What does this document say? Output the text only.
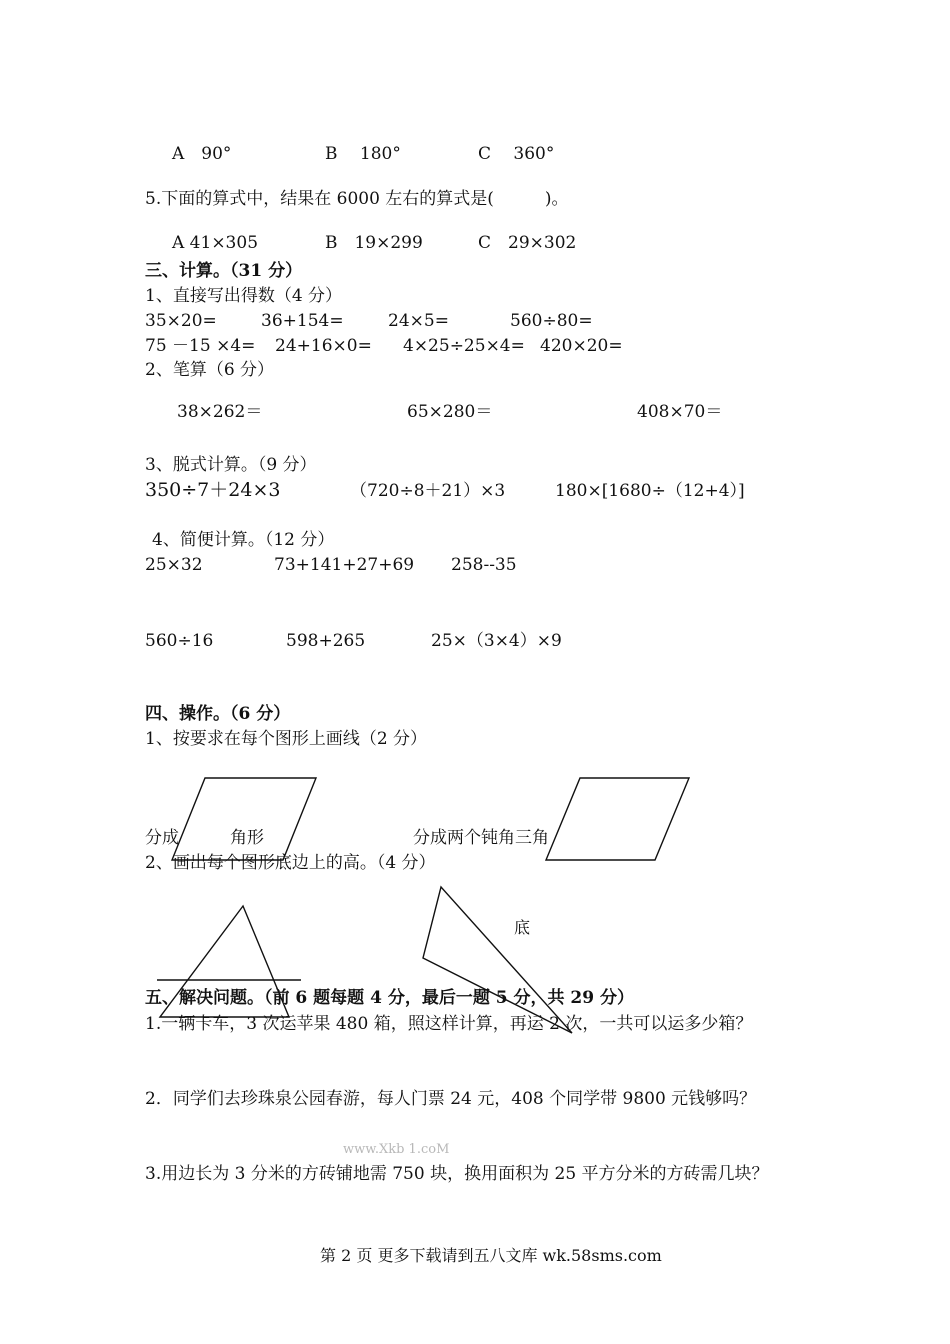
A　90°	B　 180°	C　 360°
5.下面的算式中，结果在 6000 左右的算式是(　　　)。
A 41×305	B　19×299	C　29×302
三、计算。（31 分）
1、直接写出得数（4 分）
35×20=	36+154=	24×5=	560÷80=
75 －15 ×4= 24+16×0= 4×25÷25×4= 420×20=
2、笔算（6 分）
38×262＝	65×280＝	408×70＝
3、脱式计算。（9 分）
350÷7＋24×3	（720÷8＋21）×3	180×[1680÷（12+4）]
4、简便计算。（12 分）
25×32	73+141+27+69 258--35
560÷16	598+265	25×（3×4）×9
四、操作。（6 分）
1、按要求在每个图形上画线（2 分）
分成　　　角形	分成两个钝角三角
2、画出每个图形底边上的高。（4 分）
五、解决问题。（前 6 题每题 4 分，最后一题 5 分，共 29 分）
1.一辆卡车，3 次运苹果 480 箱，照这样计算，再运 2 次，一共可以运多少箱？
2．同学们去珍珠泉公园春游，每人门票 24 元，408 个同学带 9800 元钱够吗？
www.Xkb 1.coM
3.用边长为 3 分米的方砖铺地需 750 块，换用面积为 25 平方分米的方砖需几块？
第 2 页 更多下载请到五八文库 wk.58sms.com
底
